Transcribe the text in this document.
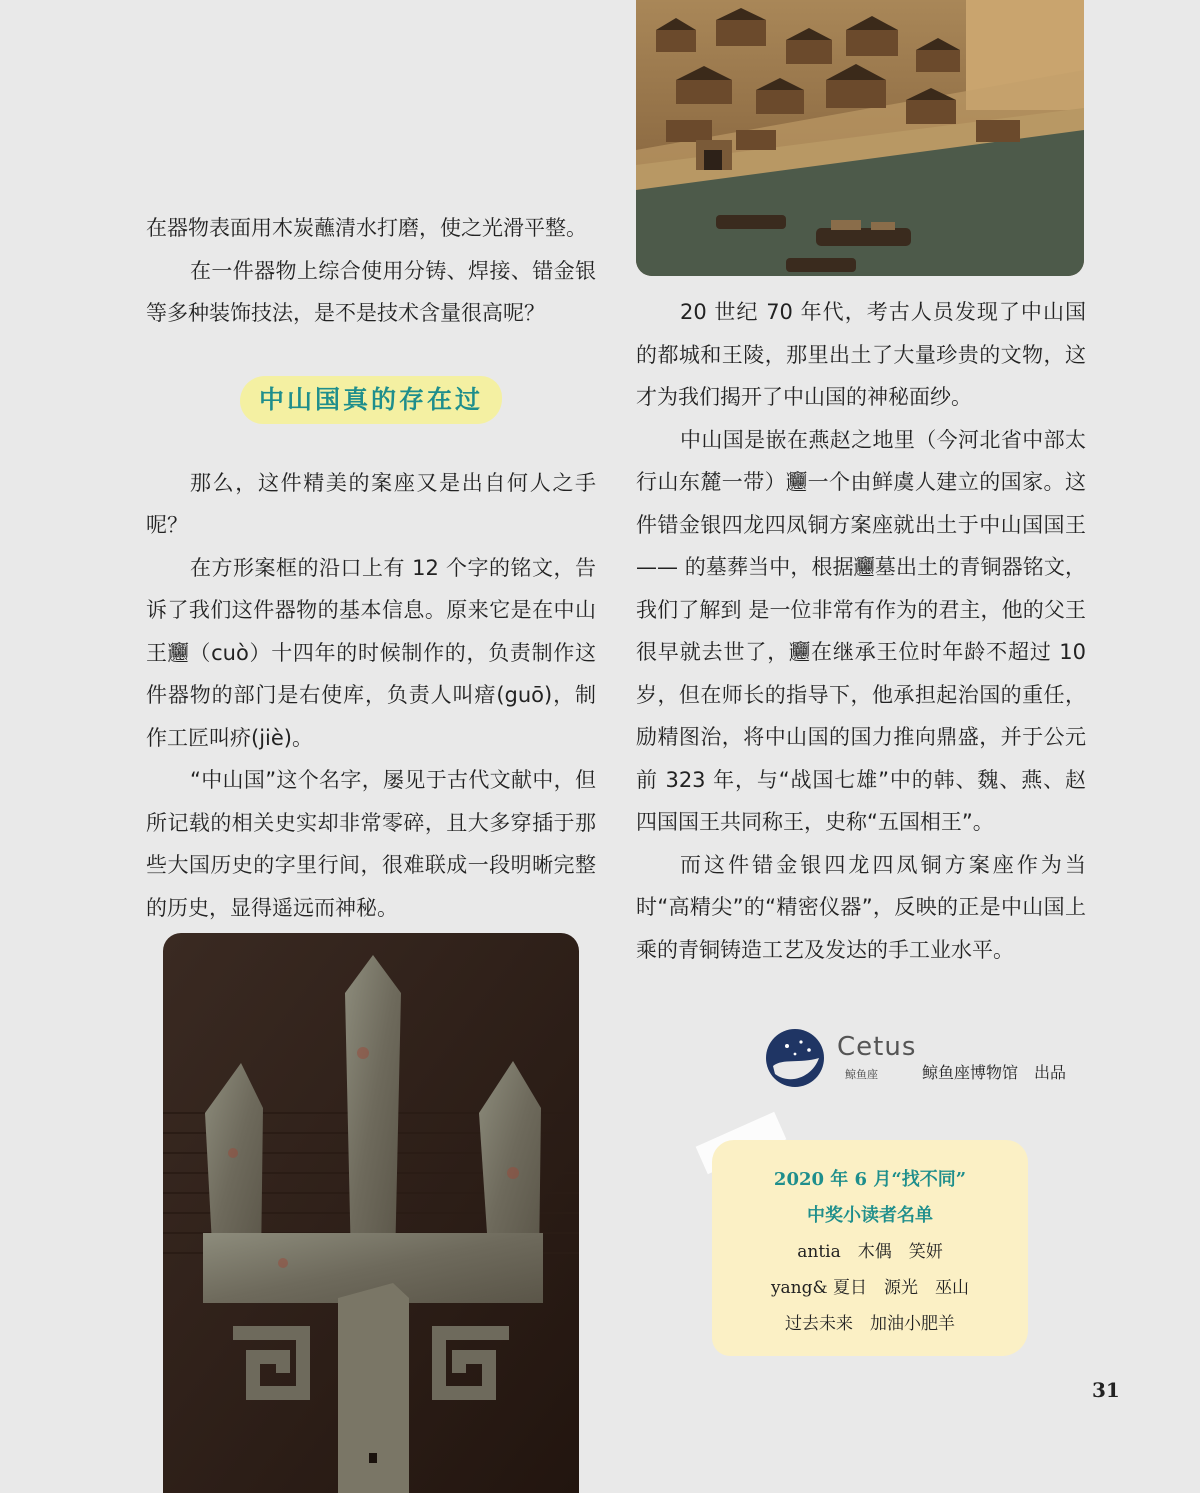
在器物表面用木炭蘸清水打磨，使之光滑平整。

在一件器物上综合使用分铸、焊接、错金银等多种装饰技法，是不是技术含量很高呢？

那么，这件精美的案座又是出自何人之手呢？

在方形案框的沿口上有 12 个字的铭文，告诉了我们这件器物的基本信息。原来它是在中山王𰻞（cuò）十四年的时候制作的，负责制作这件器物的部门是右使库，负责人叫瘖(guō)，制作工匠叫疥(jiè)。

“中山国”这个名字，屡见于古代文献中，但所记载的相关史实却非常零碎，且大多穿插于那些大国历史的字里行间，很难联成一段明晰完整的历史，显得遥远而神秘。

中山国真的存在过

20 世纪 70 年代，考古人员发现了中山国的都城和王陵，那里出土了大量珍贵的文物，这才为我们揭开了中山国的神秘面纱。

中山国是嵌在燕赵之地里（今河北省中部太行山东麓一带）𰻞一个由鲜虞人建立的国家。这件错金银四龙四凤铜方案座就出土于中山国国王—— 的墓葬当中，根据𰻞墓出土的青铜器铭文，我们了解到 是一位非常有作为的君主，他的父王很早就去世了，𰻞在继承王位时年龄不超过 10 岁，但在师长的指导下，他承担起治国的重任，励精图治，将中山国的国力推向鼎盛，并于公元前 323 年，与“战国七雄”中的韩、魏、燕、赵四国国王共同称王，史称“五国相王”。

而这件错金银四龙四凤铜方案座作为当时“高精尖”的“精密仪器”，反映的正是中山国上乘的青铜铸造工艺及发达的手工业水平。

Cetus
鲸鱼座	鲸鱼座博物馆　出品
2020 年 6 月“找不同”
中奖小读者名单
antia　木偶　笑妍
yang& 夏日　源光　巫山
过去未来　加油小肥羊
31
